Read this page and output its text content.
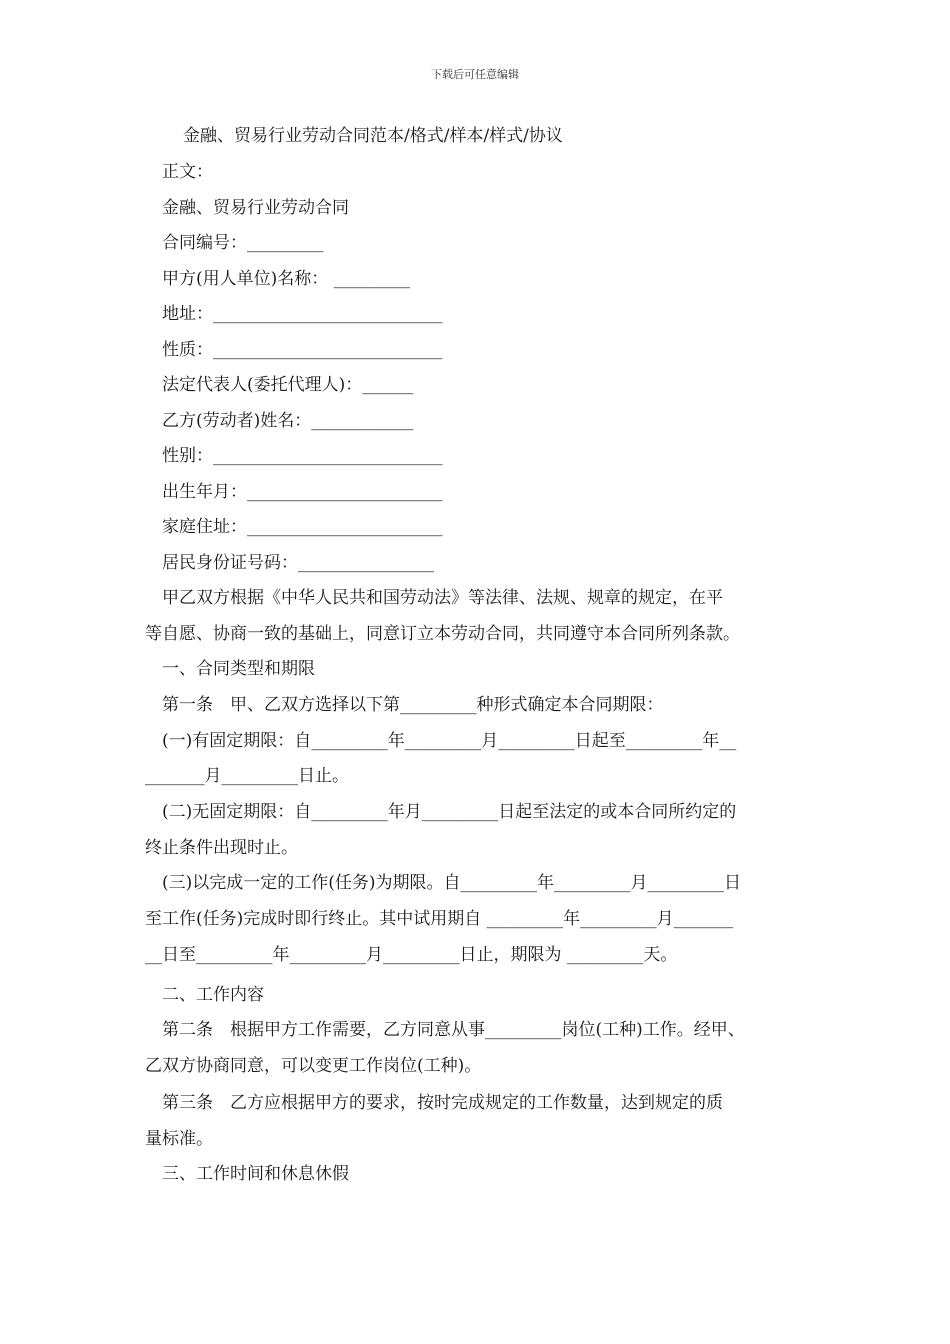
下载后可任意编辑
金融、贸易行业劳动合同范本/格式/样本/样式/协议
正文：
金融、贸易行业劳动合同
合同编号：_________
甲方(用人单位)名称： _________
地址：___________________________
性质：___________________________
法定代表人(委托代理人)：______
乙方(劳动者)姓名：____________
性别：___________________________
出生年月：_______________________
家庭住址：_______________________
居民身份证号码：________________
甲乙双方根据《中华人民共和国劳动法》等法律、法规、规章的规定，在平
等自愿、协商一致的基础上，同意订立本劳动合同，共同遵守本合同所列条款。
一、合同类型和期限
第一条　甲、乙双方选择以下第_________种形式确定本合同期限：
(一)有固定期限：自_________年_________月_________日起至_________年__
_______月_________日止。
(二)无固定期限：自_________年月_________日起至法定的或本合同所约定的
终止条件出现时止。
(三)以完成一定的工作(任务)为期限。自_________年_________月_________日
至工作(任务)完成时即行终止。其中试用期自 _________年_________月_______
__日至_________年_________月_________日止，期限为 _________天。
二、工作内容
第二条　根据甲方工作需要，乙方同意从事_________岗位(工种)工作。经甲、
乙双方协商同意，可以变更工作岗位(工种)。
第三条　乙方应根据甲方的要求，按时完成规定的工作数量，达到规定的质
量标准。
三、工作时间和休息休假
